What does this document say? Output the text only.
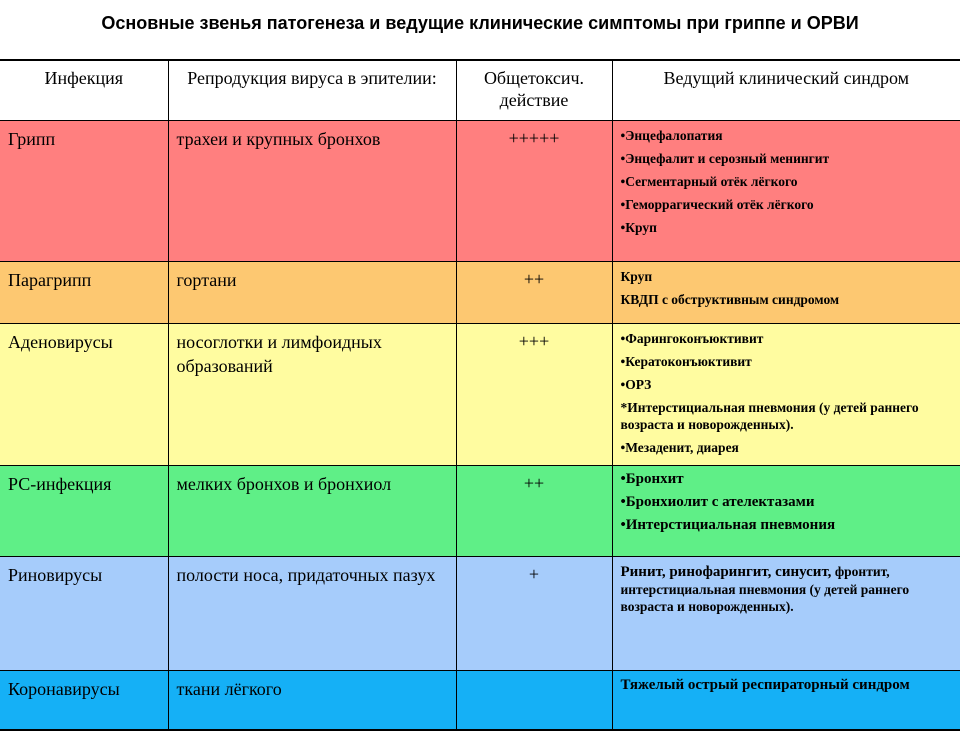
Основные звенья патогенеза и ведущие клинические симптомы при гриппе и ОРВИ
Инфекция	Репродукция вируса в эпителии:	Общетоксич. действие	Ведущий клинический синдром
Грипп	трахеи и крупных бронхов	+++++	•Энцефалопатия
•Энцефалит и серозный менингит
•Сегментарный отёк лёгкого
•Геморрагический отёк лёгкого
•Круп

Парагрипп	гортани	++	Круп
КВДП с обструктивным синдромом

Аденовирусы	носоглотки и лимфоидных образований	+++	•Фарингоконъюктивит
•Кератоконъюктивит
•ОРЗ
*Интерстициальная пневмония (у детей раннего возраста и новорожденных).
•Мезаденит, диарея

РС-инфекция	мелких бронхов и бронхиол	++	•Бронхит
•Бронхиолит с ателектазами
•Интерстициальная пневмония

Риновирусы	полости носа, придаточных пазух	+	Ринит, ринофарингит, синусит, фронтит, интерстициальная пневмония (у детей раннего возраста и новорожденных).
Коронавирусы	ткани лёгкого		Тяжелый острый респираторный синдром
